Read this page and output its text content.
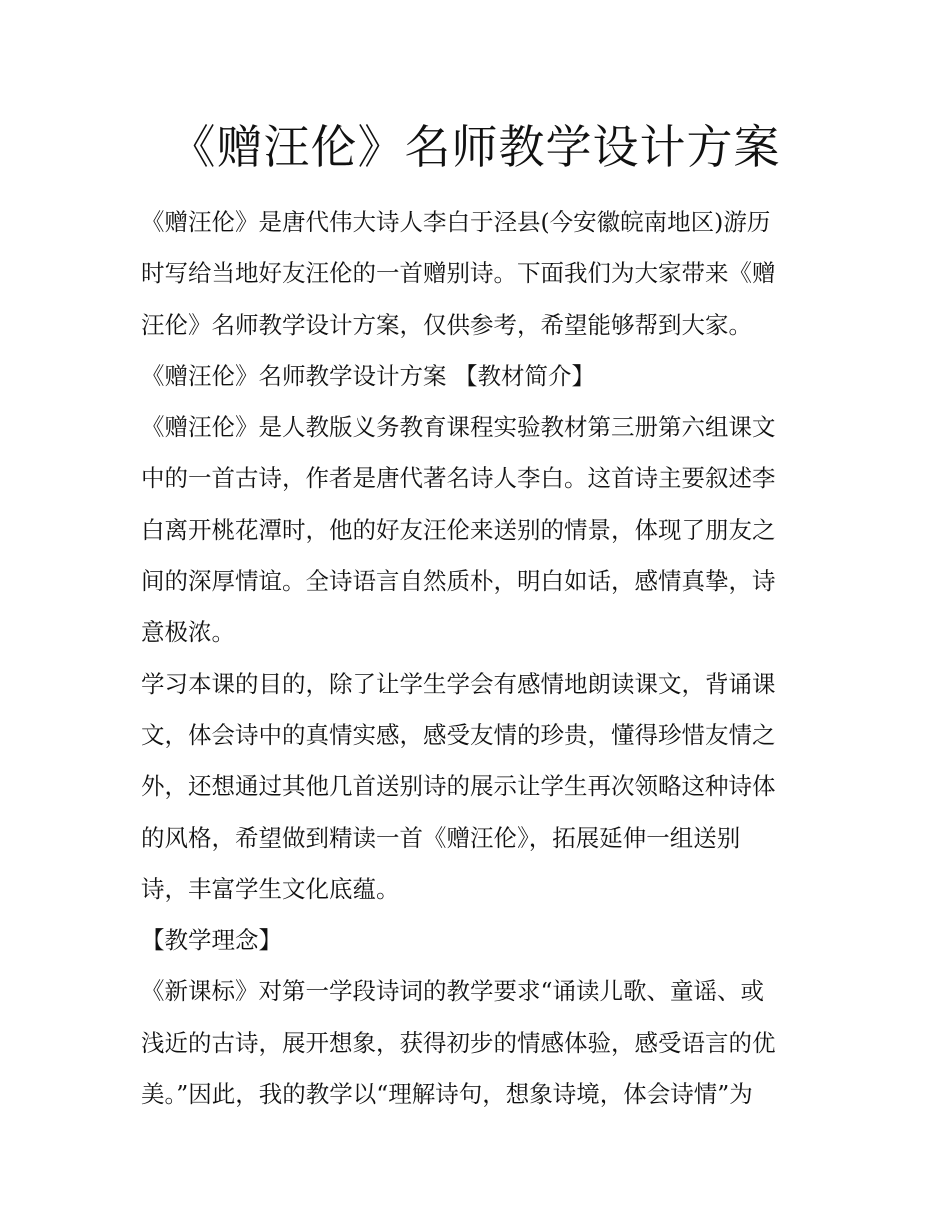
《赠汪伦》名师教学设计方案
《赠汪伦》是唐代伟大诗人李白于泾县(今安徽皖南地区)游历
时写给当地好友汪伦的一首赠别诗。下面我们为大家带来《赠
汪伦》名师教学设计方案，仅供参考，希望能够帮到大家。
《赠汪伦》名师教学设计方案 【教材简介】
《赠汪伦》是人教版义务教育课程实验教材第三册第六组课文
中的一首古诗，作者是唐代著名诗人李白。这首诗主要叙述李
白离开桃花潭时，他的好友汪伦来送别的情景，体现了朋友之
间的深厚情谊。全诗语言自然质朴，明白如话，感情真挚，诗
意极浓。
学习本课的目的，除了让学生学会有感情地朗读课文，背诵课
文，体会诗中的真情实感，感受友情的珍贵，懂得珍惜友情之
外，还想通过其他几首送别诗的展示让学生再次领略这种诗体
的风格，希望做到精读一首《赠汪伦》，拓展延伸一组送别
诗，丰富学生文化底蕴。
【教学理念】
《新课标》对第一学段诗词的教学要求“诵读儿歌、童谣、或
浅近的古诗，展开想象，获得初步的情感体验，感受语言的优
美。”因此，我的教学以“理解诗句，想象诗境，体会诗情”为
